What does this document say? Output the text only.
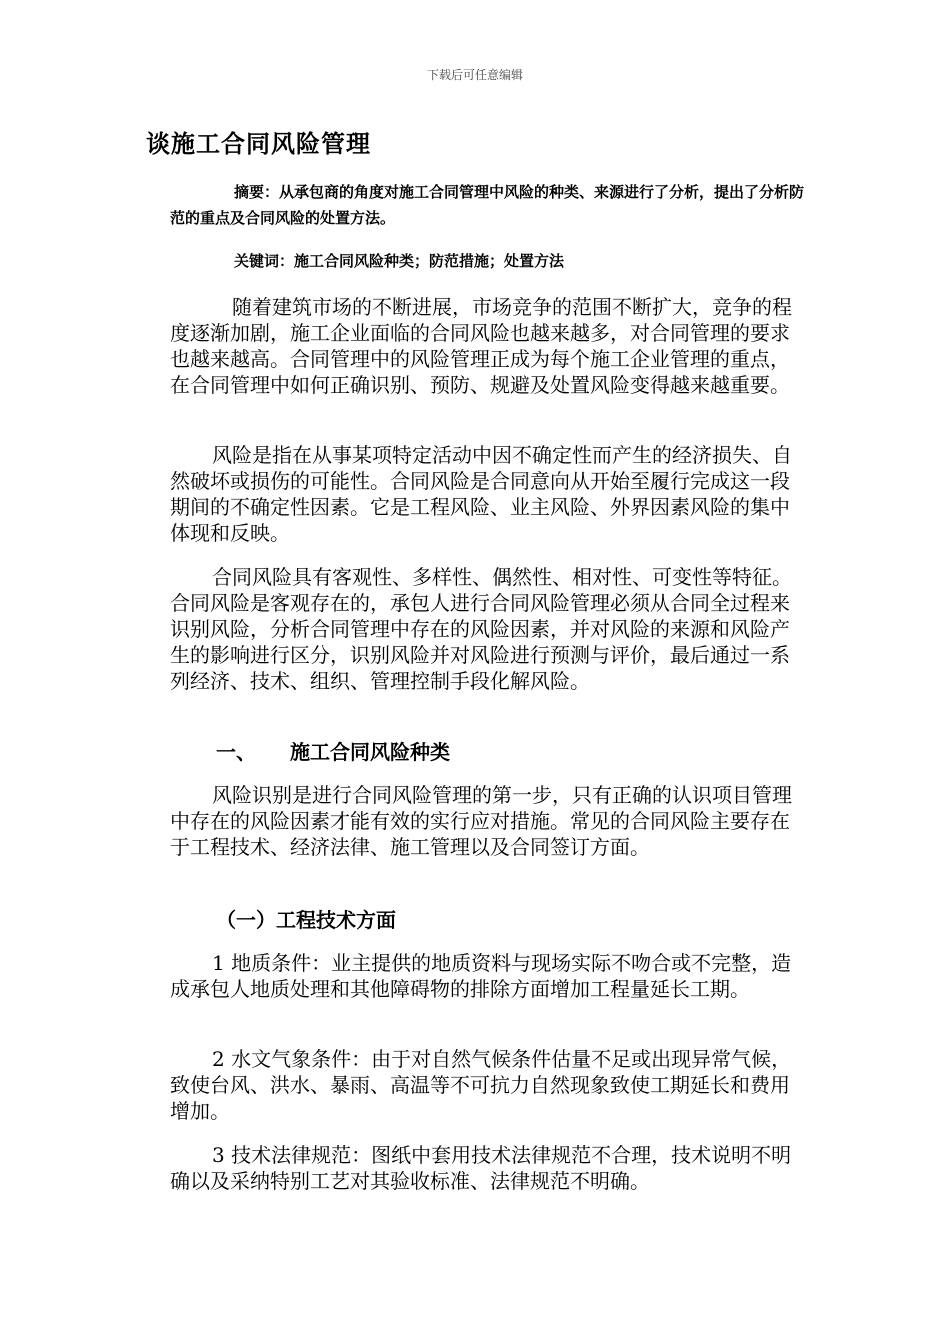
下载后可任意编辑
谈施工合同风险管理
摘要：从承包商的角度对施工合同管理中风险的种类、来源进行了分析，提出了分析防范的重点及合同风险的处置方法。
关键词：施工合同风险种类；防范措施；处置方法

　随着建筑市场的不断进展，市场竞争的范围不断扩大，竞争的程度逐渐加剧，施工企业面临的合同风险也越来越多，对合同管理的要求也越来越高。合同管理中的风险管理正成为每个施工企业管理的重点，在合同管理中如何正确识别、预防、规避及处置风险变得越来越重要。

风险是指在从事某项特定活动中因不确定性而产生的经济损失、自然破坏或损伤的可能性。合同风险是合同意向从开始至履行完成这一段期间的不确定性因素。它是工程风险、业主风险、外界因素风险的集中体现和反映。

合同风险具有客观性、多样性、偶然性、相对性、可变性等特征。合同风险是客观存在的，承包人进行合同风险管理必须从合同全过程来识别风险，分析合同管理中存在的风险因素，并对风险的来源和风险产生的影响进行区分，识别风险并对风险进行预测与评价，最后通过一系列经济、技术、组织、管理控制手段化解风险。

一、 施工合同风险种类

风险识别是进行合同风险管理的第一步，只有正确的认识项目管理中存在的风险因素才能有效的实行应对措施。常见的合同风险主要存在于工程技术、经济法律、施工管理以及合同签订方面。

（一）工程技术方面

1 地质条件：业主提供的地质资料与现场实际不吻合或不完整，造成承包人地质处理和其他障碍物的排除方面增加工程量延长工期。

2 水文气象条件：由于对自然气候条件估量不足或出现异常气候，致使台风、洪水、暴雨、高温等不可抗力自然现象致使工期延长和费用增加。

3 技术法律规范：图纸中套用技术法律规范不合理，技术说明不明确以及采纳特别工艺对其验收标准、法律规范不明确。
